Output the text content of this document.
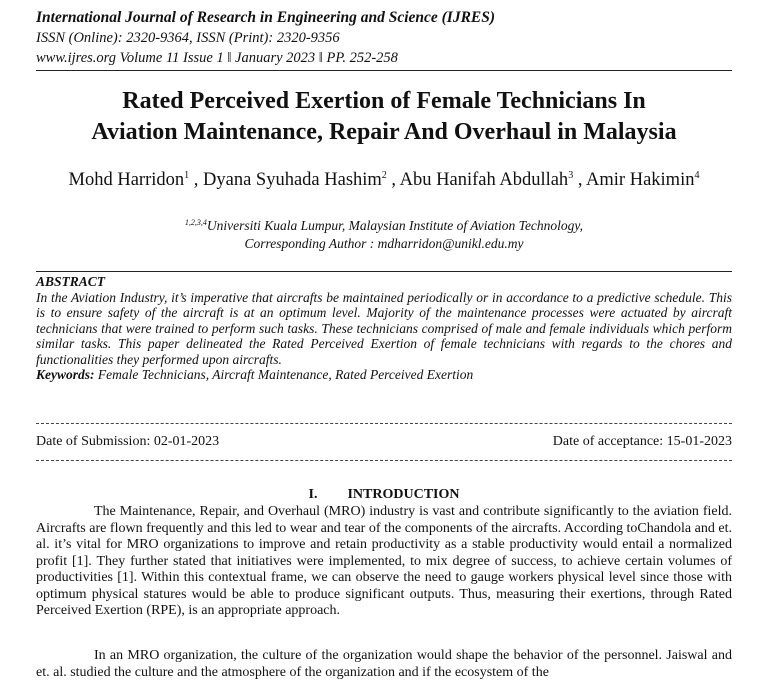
International Journal of Research in Engineering and Science (IJRES)
ISSN (Online): 2320-9364, ISSN (Print): 2320-9356
www.ijres.org Volume 11 Issue 1 ǁ January 2023 ǁ PP. 252-258
Rated Perceived Exertion of Female Technicians In
Aviation Maintenance, Repair And Overhaul in Malaysia
Mohd Harridon$^1$ , Dyana Syuhada Hashim$^2$ , Abu Hanifah Abdullah$^3$ , Amir Hakimin$^4$
$^{1,2,3,4}$Universiti Kuala Lumpur, Malaysian Institute of Aviation Technology,
Corresponding Author : mdharridon@unikl.edu.my
ABSTRACT
In the Aviation Industry, it’s imperative that aircrafts be maintained periodically or in accordance to a predictive schedule. This is to ensure safety of the aircraft is at an optimum level. Majority of the maintenance processes were actuated by aircraft technicians that were trained to perform such tasks. These technicians comprised of male and female individuals which perform similar tasks. This paper delineated the Rated Perceived Exertion of female technicians with regards to the chores and functionalities they performed upon aircrafts.
Keywords: Female Technicians, Aircraft Maintenance, Rated Perceived Exertion
Date of Submission: 02-01-2023	Date of acceptance: 15-01-2023
I. INTRODUCTION
The Maintenance, Repair, and Overhaul (MRO) industry is vast and contribute significantly to the aviation field. Aircrafts are flown frequently and this led to wear and tear of the components of the aircrafts. According toChandola and et. al. it’s vital for MRO organizations to improve and retain productivity as a stable productivity would entail a normalized profit [1]. They further stated that initiatives were implemented, to mix degree of success, to achieve certain volumes of productivities [1]. Within this contextual frame, we can observe the need to gauge workers physical level since those with optimum physical statures would be able to produce significant outputs. Thus, measuring their exertions, through Rated Perceived Exertion (RPE), is an appropriate approach.
In an MRO organization, the culture of the organization would shape the behavior of the personnel. Jaiswal and et. al. studied the culture and the atmosphere of the organization and if the ecosystem of the
